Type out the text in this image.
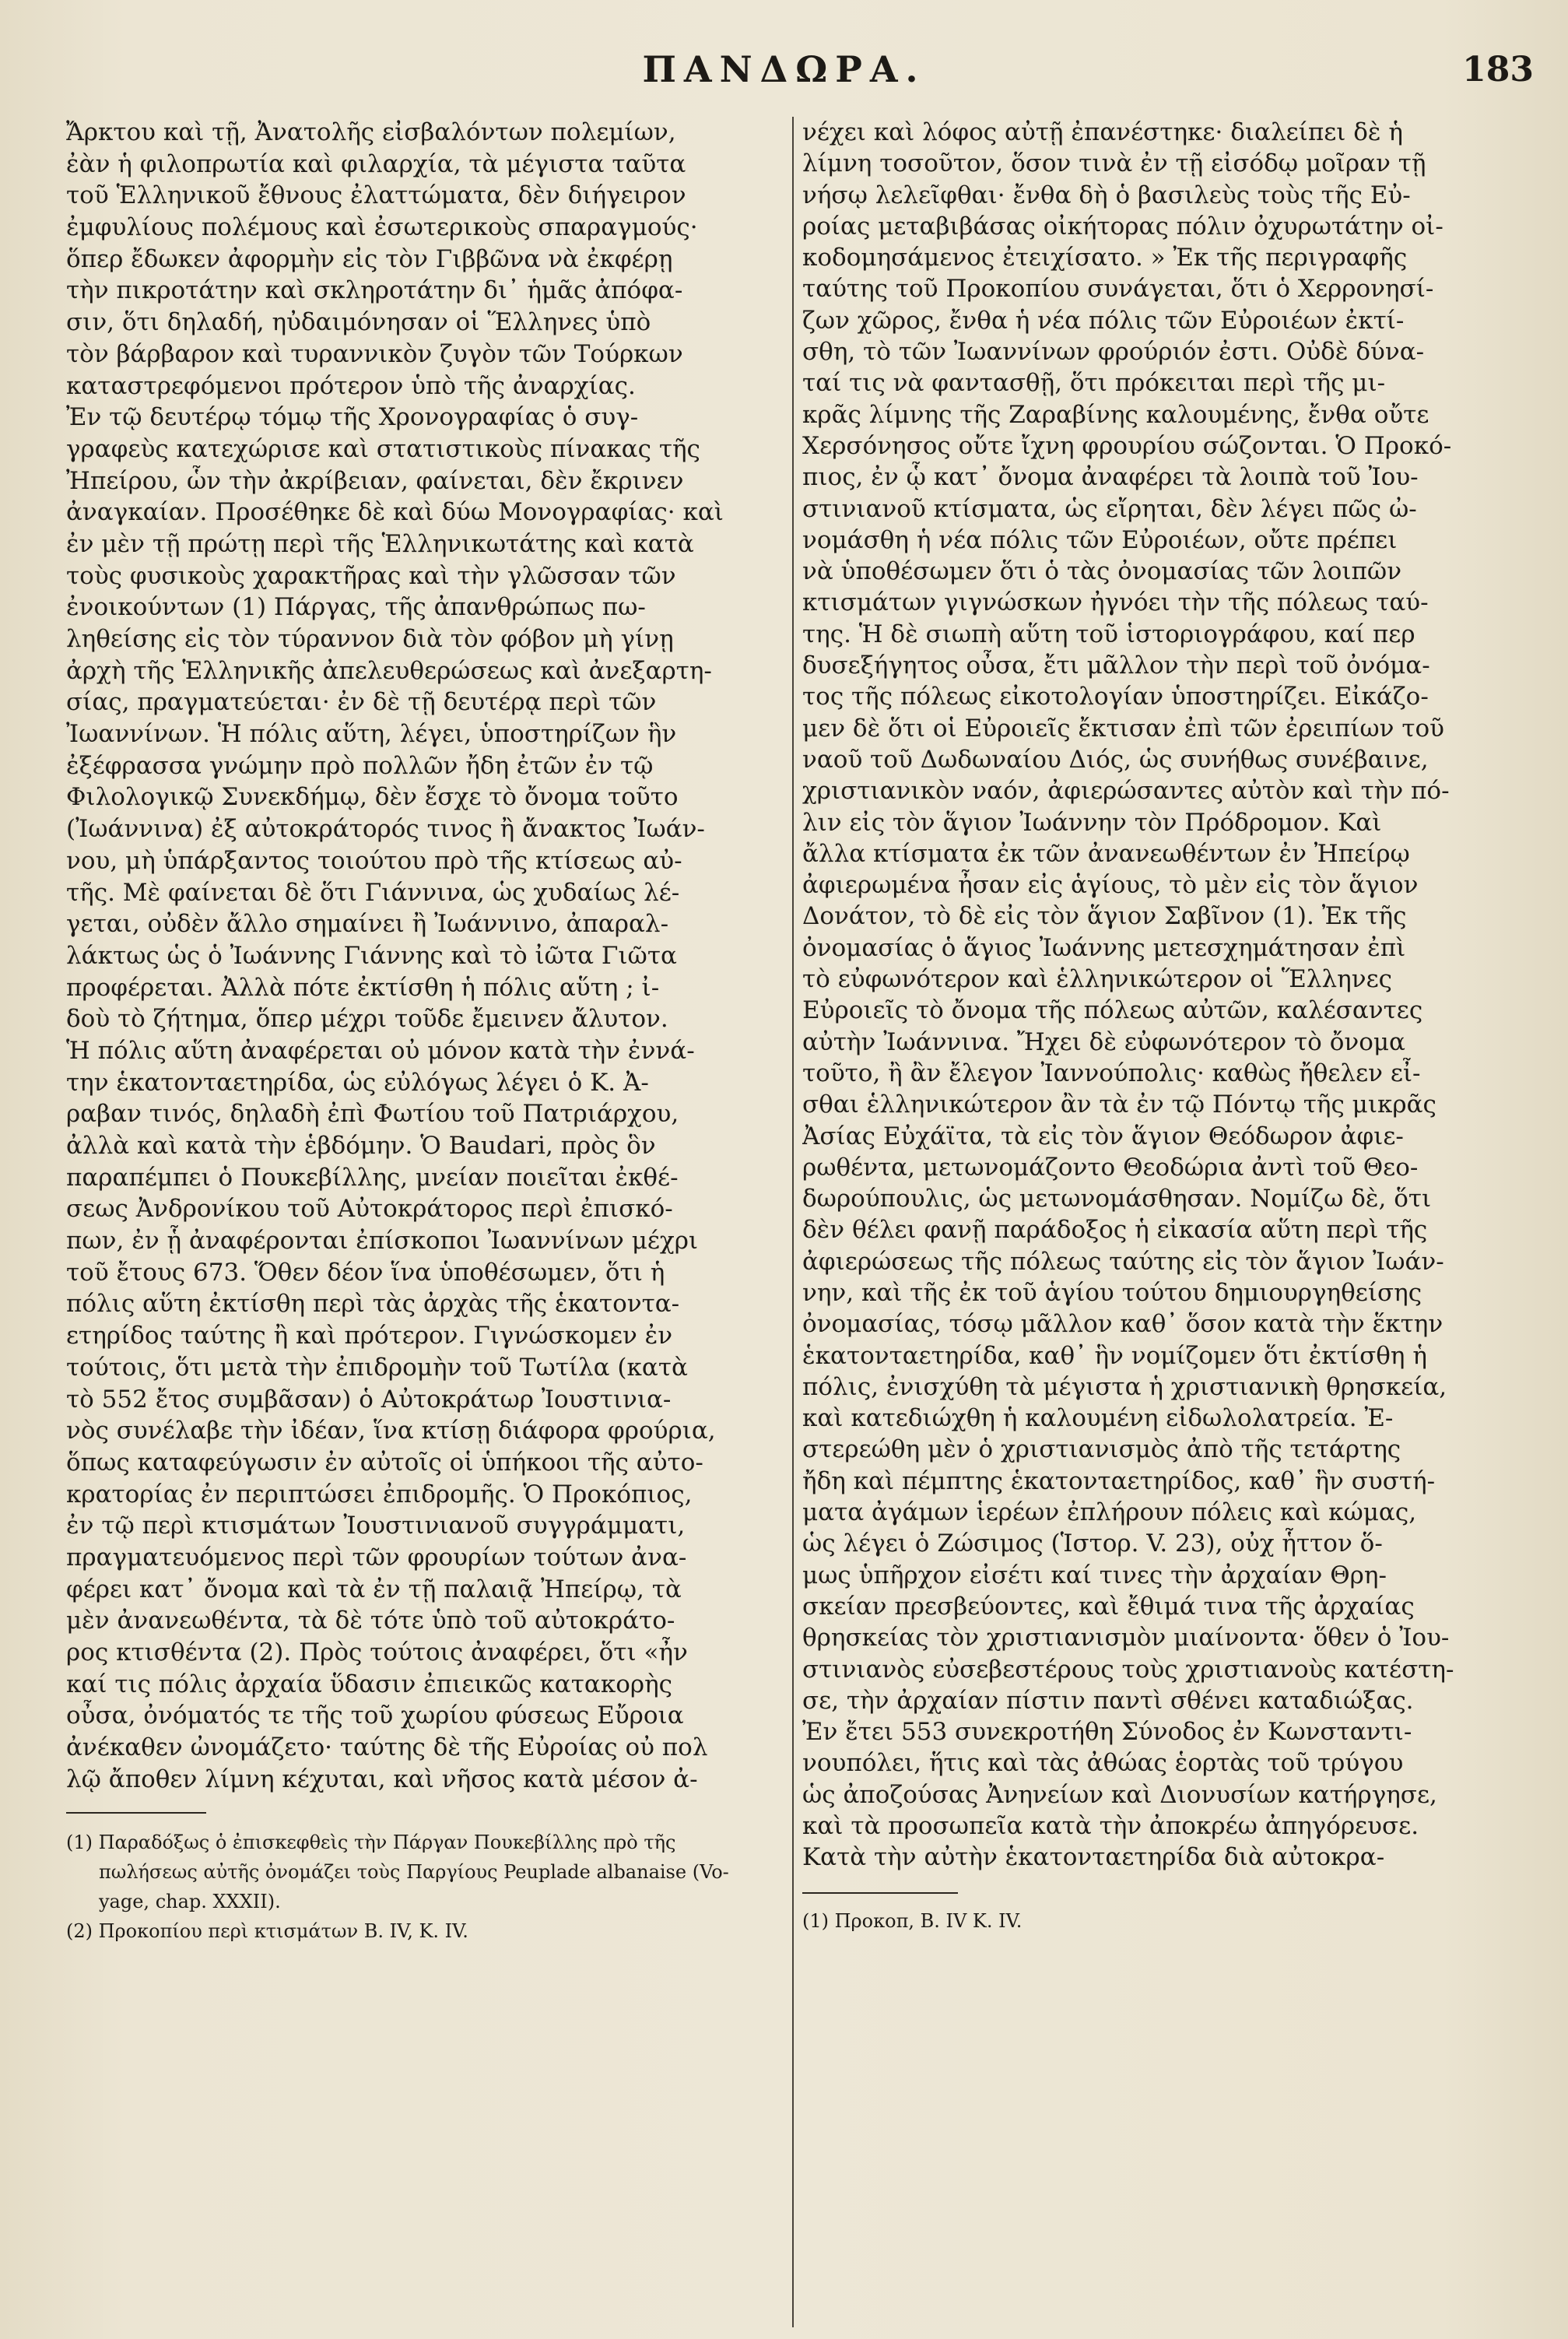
ΠΑΝΔΩΡΑ.	183
Ἄρκτου καὶ τῇ, Ἀνατολῆς εἰσβαλόντων πολεμίων,
ἐὰν ἡ φιλοπρωτία καὶ φιλαρχία, τὰ μέγιστα ταῦτα
τοῦ Ἑλληνικοῦ ἔθνους ἐλαττώματα, δὲν διήγειρον
ἐμφυλίους πολέμους καὶ ἐσωτερικοὺς σπαραγμούς·
ὅπερ ἔδωκεν ἀφορμὴν εἰς τὸν Γιββῶνα νὰ ἐκφέρῃ
τὴν πικροτάτην καὶ σκληροτάτην δι᾽ ἡμᾶς ἀπόφα-
σιν, ὅτι δηλαδή, ηὐδαιμόνησαν οἱ Ἕλληνες ὑπὸ
τὸν βάρβαρον καὶ τυραννικὸν ζυγὸν τῶν Τούρκων
καταστρεφόμενοι πρότερον ὑπὸ τῆς ἀναρχίας.
Ἐν τῷ δευτέρῳ τόμῳ τῆς Χρονογραφίας ὁ συγ-
γραφεὺς κατεχώρισε καὶ στατιστικοὺς πίνακας τῆς
Ἠπείρου, ὧν τὴν ἀκρίβειαν, φαίνεται, δὲν ἔκρινεν
ἀναγκαίαν. Προσέθηκε δὲ καὶ δύω Μονογραφίας· καὶ
ἐν μὲν τῇ πρώτῃ περὶ τῆς Ἑλληνικωτάτης καὶ κατὰ
τοὺς φυσικοὺς χαρακτῆρας καὶ τὴν γλῶσσαν τῶν
ἐνοικούντων (1) Πάργας, τῆς ἀπανθρώπως πω-
ληθείσης εἰς τὸν τύραννον διὰ τὸν φόβον μὴ γίνῃ
ἀρχὴ τῆς Ἑλληνικῆς ἀπελευθερώσεως καὶ ἀνεξαρτη-
σίας, πραγματεύεται· ἐν δὲ τῇ δευτέρᾳ περὶ τῶν
Ἰωαννίνων. Ἡ πόλις αὕτη, λέγει, ὑποστηρίζων ἣν
ἐξέφρασσα γνώμην πρὸ πολλῶν ἤδη ἐτῶν ἐν τῷ
Φιλολογικῷ Συνεκδήμῳ, δὲν ἔσχε τὸ ὄνομα τοῦτο
(Ἰωάννινα) ἐξ αὐτοκράτορός τινος ἢ ἄνακτος Ἰωάν-
νου, μὴ ὑπάρξαντος τοιούτου πρὸ τῆς κτίσεως αὐ-
τῆς. Μὲ φαίνεται δὲ ὅτι Γιάννινα, ὡς χυδαίως λέ-
γεται, οὐδὲν ἄλλο σημαίνει ἢ Ἰωάννινο, ἀπαραλ-
λάκτως ὡς ὁ Ἰωάννης Γιάννης καὶ τὸ ἰῶτα Γιῶτα
προφέρεται. Ἀλλὰ πότε ἐκτίσθη ἡ πόλις αὕτη ; ἰ-
δοὺ τὸ ζήτημα, ὅπερ μέχρι τοῦδε ἔμεινεν ἄλυτον.
Ἡ πόλις αὕτη ἀναφέρεται οὐ μόνον κατὰ τὴν ἐννά-
την ἑκατονταετηρίδα, ὡς εὐλόγως λέγει ὁ Κ. Ἀ-
ραβαν τινός, δηλαδὴ ἐπὶ Φωτίου τοῦ Πατριάρχου,
ἀλλὰ καὶ κατὰ τὴν ἑβδόμην. Ὁ Baudari, πρὸς ὃν
παραπέμπει ὁ Πουκεβίλλης, μνείαν ποιεῖται ἐκθέ-
σεως Ἀνδρονίκου τοῦ Αὐτοκράτορος περὶ ἐπισκό-
πων, ἐν ᾗ ἀναφέρονται ἐπίσκοποι Ἰωαννίνων μέχρι
τοῦ ἔτους 673. Ὅθεν δέον ἵνα ὑποθέσωμεν, ὅτι ἡ
πόλις αὕτη ἐκτίσθη περὶ τὰς ἀρχὰς τῆς ἑκατοντα-
ετηρίδος ταύτης ἢ καὶ πρότερον. Γιγνώσκομεν ἐν
τούτοις, ὅτι μετὰ τὴν ἐπιδρομὴν τοῦ Τωτίλα (κατὰ
τὸ 552 ἔτος συμβᾶσαν) ὁ Αὐτοκράτωρ Ἰουστινια-
νὸς συνέλαβε τὴν ἰδέαν, ἵνα κτίσῃ διάφορα φρούρια,
ὅπως καταφεύγωσιν ἐν αὐτοῖς οἱ ὑπήκοοι τῆς αὐτο-
κρατορίας ἐν περιπτώσει ἐπιδρομῆς. Ὁ Προκόπιος,
ἐν τῷ περὶ κτισμάτων Ἰουστινιανοῦ συγγράμματι,
πραγματευόμενος περὶ τῶν φρουρίων τούτων ἀνα-
φέρει κατ᾽ ὄνομα καὶ τὰ ἐν τῇ παλαιᾷ Ἠπείρῳ, τὰ
μὲν ἀνανεωθέντα, τὰ δὲ τότε ὑπὸ τοῦ αὐτοκράτο-
ρος κτισθέντα (2). Πρὸς τούτοις ἀναφέρει, ὅτι «ἦν
καί τις πόλις ἀρχαία ὕδασιν ἐπιεικῶς κατακορὴς
οὖσα, ὀνόματός τε τῆς τοῦ χωρίου φύσεως Εὔροια
ἀνέκαθεν ὠνομάζετο· ταύτης δὲ τῆς Εὐροίας οὐ πολ
λῷ ἄποθεν λίμνη κέχυται, καὶ νῆσος κατὰ μέσον ἀ-
(1) Παραδόξως ὁ ἐπισκεφθεὶς τὴν Πάργαν Πουκεβίλλης πρὸ τῆς
πωλήσεως αὐτῆς ὀνομάζει τοὺς Παργίους Peuplade albanaise (Vo-
yage, chap. XXXII).
(2) Προκοπίου περὶ κτισμάτων Β. IV, Κ. IV.
νέχει καὶ λόφος αὐτῇ ἐπανέστηκε· διαλείπει δὲ ἡ
λίμνη τοσοῦτον, ὅσον τινὰ ἐν τῇ εἰσόδῳ μοῖραν τῇ
νήσῳ λελεῖφθαι· ἔνθα δὴ ὁ βασιλεὺς τοὺς τῆς Εὐ-
ροίας μεταβιβάσας οἰκήτορας πόλιν ὀχυρωτάτην οἰ-
κοδομησάμενος ἐτειχίσατο. » Ἐκ τῆς περιγραφῆς
ταύτης τοῦ Προκοπίου συνάγεται, ὅτι ὁ Χερρονησί-
ζων χῶρος, ἔνθα ἡ νέα πόλις τῶν Εὐροιέων ἐκτί-
σθη, τὸ τῶν Ἰωαννίνων φρούριόν ἐστι. Οὐδὲ δύνα-
ταί τις νὰ φαντασθῇ, ὅτι πρόκειται περὶ τῆς μι-
κρᾶς λίμνης τῆς Ζαραβίνης καλουμένης, ἔνθα οὔτε
Χερσόνησος οὔτε ἴχνη φρουρίου σώζονται. Ὁ Προκό-
πιος, ἐν ᾧ κατ᾽ ὄνομα ἀναφέρει τὰ λοιπὰ τοῦ Ἰου-
στινιανοῦ κτίσματα, ὡς εἴρηται, δὲν λέγει πῶς ὠ-
νομάσθη ἡ νέα πόλις τῶν Εὐροιέων, οὔτε πρέπει
νὰ ὑποθέσωμεν ὅτι ὁ τὰς ὀνομασίας τῶν λοιπῶν
κτισμάτων γιγνώσκων ἠγνόει τὴν τῆς πόλεως ταύ-
της. Ἡ δὲ σιωπὴ αὕτη τοῦ ἱστοριογράφου, καί περ
δυσεξήγητος οὖσα, ἔτι μᾶλλον τὴν περὶ τοῦ ὀνόμα-
τος τῆς πόλεως εἰκοτολογίαν ὑποστηρίζει. Εἰκάζο-
μεν δὲ ὅτι οἱ Εὐροιεῖς ἔκτισαν ἐπὶ τῶν ἐρειπίων τοῦ
ναοῦ τοῦ Δωδωναίου Διός, ὡς συνήθως συνέβαινε,
χριστιανικὸν ναόν, ἀφιερώσαντες αὐτὸν καὶ τὴν πό-
λιν εἰς τὸν ἅγιον Ἰωάννην τὸν Πρόδρομον. Καὶ
ἄλλα κτίσματα ἐκ τῶν ἀνανεωθέντων ἐν Ἠπείρῳ
ἀφιερωμένα ἦσαν εἰς ἁγίους, τὸ μὲν εἰς τὸν ἅγιον
Δονάτον, τὸ δὲ εἰς τὸν ἅγιον Σαβῖνον (1). Ἐκ τῆς
ὀνομασίας ὁ ἅγιος Ἰωάννης μετεσχημάτησαν ἐπὶ
τὸ εὐφωνότερον καὶ ἑλληνικώτερον οἱ Ἕλληνες
Εὐροιεῖς τὸ ὄνομα τῆς πόλεως αὐτῶν, καλέσαντες
αὐτὴν Ἰωάννινα. Ἤχει δὲ εὐφωνότερον τὸ ὄνομα
τοῦτο, ἢ ἂν ἔλεγον Ἰαννούπολις· καθὼς ἤθελεν εἶ-
σθαι ἑλληνικώτερον ἂν τὰ ἐν τῷ Πόντῳ τῆς μικρᾶς
Ἀσίας Εὐχάϊτα, τὰ εἰς τὸν ἅγιον Θεόδωρον ἀφιε-
ρωθέντα, μετωνομάζοντο Θεοδώρια ἀντὶ τοῦ Θεο-
δωρούπουλις, ὡς μετωνομάσθησαν. Νομίζω δὲ, ὅτι
δὲν θέλει φανῇ παράδοξος ἡ εἰκασία αὕτη περὶ τῆς
ἀφιερώσεως τῆς πόλεως ταύτης εἰς τὸν ἅγιον Ἰωάν-
νην, καὶ τῆς ἐκ τοῦ ἁγίου τούτου δημιουργηθείσης
ὀνομασίας, τόσῳ μᾶλλον καθ᾽ ὅσον κατὰ τὴν ἕκτην
ἑκατονταετηρίδα, καθ᾽ ἣν νομίζομεν ὅτι ἐκτίσθη ἡ
πόλις, ἐνισχύθη τὰ μέγιστα ἡ χριστιανικὴ θρησκεία,
καὶ κατεδιώχθη ἡ καλουμένη εἰδωλολατρεία. Ἐ-
στερεώθη μὲν ὁ χριστιανισμὸς ἀπὸ τῆς τετάρτης
ἤδη καὶ πέμπτης ἑκατονταετηρίδος, καθ᾽ ἣν συστή-
ματα ἀγάμων ἱερέων ἐπλήρουν πόλεις καὶ κώμας,
ὡς λέγει ὁ Ζώσιμος (Ἱστορ. V. 23), οὐχ ἧττον ὅ-
μως ὑπῆρχον εἰσέτι καί τινες τὴν ἀρχαίαν Θρη-
σκείαν πρεσβεύοντες, καὶ ἔθιμά τινα τῆς ἀρχαίας
θρησκείας τὸν χριστιανισμὸν μιαίνοντα· ὅθεν ὁ Ἰου-
στινιανὸς εὐσεβεστέρους τοὺς χριστιανοὺς κατέστη-
σε, τὴν ἀρχαίαν πίστιν παντὶ σθένει καταδιώξας.
Ἐν ἔτει 553 συνεκροτήθη Σύνοδος ἐν Κωνσταντι-
νουπόλει, ἥτις καὶ τὰς ἀθώας ἑορτὰς τοῦ τρύγου
ὡς ἀποζούσας Ἀνηνείων καὶ Διονυσίων κατήργησε,
καὶ τὰ προσωπεῖα κατὰ τὴν ἀποκρέω ἀπηγόρευσε.
Κατὰ τὴν αὐτὴν ἑκατονταετηρίδα διὰ αὐτοκρα-
(1) Προκοπ, Β. IV Κ. IV.
